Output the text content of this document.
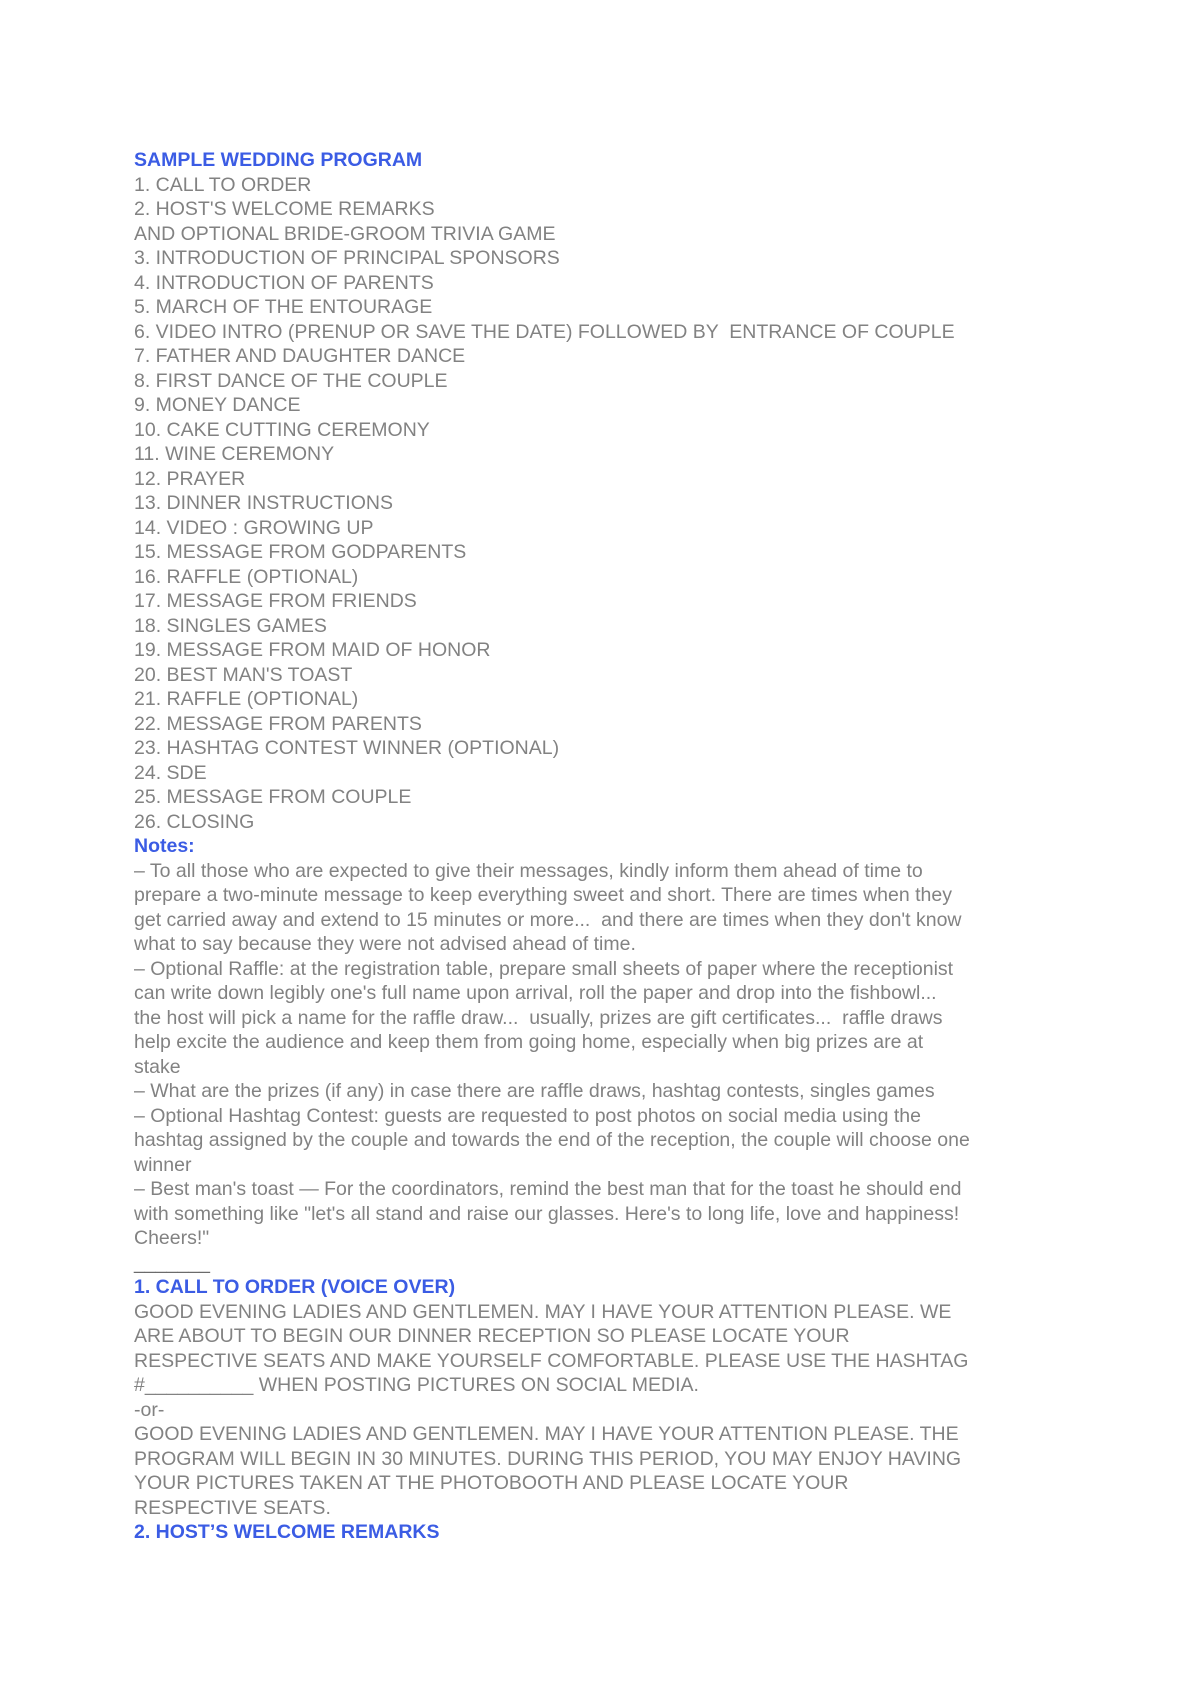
SAMPLE WEDDING PROGRAM
1. CALL TO ORDER
2. HOST'S WELCOME REMARKS
AND OPTIONAL BRIDE-GROOM TRIVIA GAME
3. INTRODUCTION OF PRINCIPAL SPONSORS
4. INTRODUCTION OF PARENTS
5. MARCH OF THE ENTOURAGE
6. VIDEO INTRO (PRENUP OR SAVE THE DATE) FOLLOWED BY  ENTRANCE OF COUPLE
7. FATHER AND DAUGHTER DANCE
8. FIRST DANCE OF THE COUPLE
9. MONEY DANCE
10. CAKE CUTTING CEREMONY
11. WINE CEREMONY
12. PRAYER
13. DINNER INSTRUCTIONS
14. VIDEO : GROWING UP
15. MESSAGE FROM GODPARENTS
16. RAFFLE (OPTIONAL)
17. MESSAGE FROM FRIENDS
18. SINGLES GAMES
19. MESSAGE FROM MAID OF HONOR
20. BEST MAN'S TOAST
21. RAFFLE (OPTIONAL)
22. MESSAGE FROM PARENTS
23. HASHTAG CONTEST WINNER (OPTIONAL)
24. SDE
25. MESSAGE FROM COUPLE
26. CLOSING
Notes:
– To all those who are expected to give their messages, kindly inform them ahead of time to
prepare a two-minute message to keep everything sweet and short. There are times when they
get carried away and extend to 15 minutes or more...  and there are times when they don't know
what to say because they were not advised ahead of time.
– Optional Raffle: at the registration table, prepare small sheets of paper where the receptionist
can write down legibly one's full name upon arrival, roll the paper and drop into the fishbowl...
the host will pick a name for the raffle draw...  usually, prizes are gift certificates...  raffle draws
help excite the audience and keep them from going home, especially when big prizes are at
stake
– What are the prizes (if any) in case there are raffle draws, hashtag contests, singles games
– Optional Hashtag Contest: guests are requested to post photos on social media using the
hashtag assigned by the couple and towards the end of the reception, the couple will choose one
winner
– Best man's toast — For the coordinators, remind the best man that for the toast he should end
with something like "let's all stand and raise our glasses. Here's to long life, love and happiness!
Cheers!"
_______
1. CALL TO ORDER (VOICE OVER)
GOOD EVENING LADIES AND GENTLEMEN. MAY I HAVE YOUR ATTENTION PLEASE. WE
ARE ABOUT TO BEGIN OUR DINNER RECEPTION SO PLEASE LOCATE YOUR
RESPECTIVE SEATS AND MAKE YOURSELF COMFORTABLE. PLEASE USE THE HASHTAG
#__________ WHEN POSTING PICTURES ON SOCIAL MEDIA.
-or-
GOOD EVENING LADIES AND GENTLEMEN. MAY I HAVE YOUR ATTENTION PLEASE. THE
PROGRAM WILL BEGIN IN 30 MINUTES. DURING THIS PERIOD, YOU MAY ENJOY HAVING
YOUR PICTURES TAKEN AT THE PHOTOBOOTH AND PLEASE LOCATE YOUR
RESPECTIVE SEATS.
2. HOST’S WELCOME REMARKS
